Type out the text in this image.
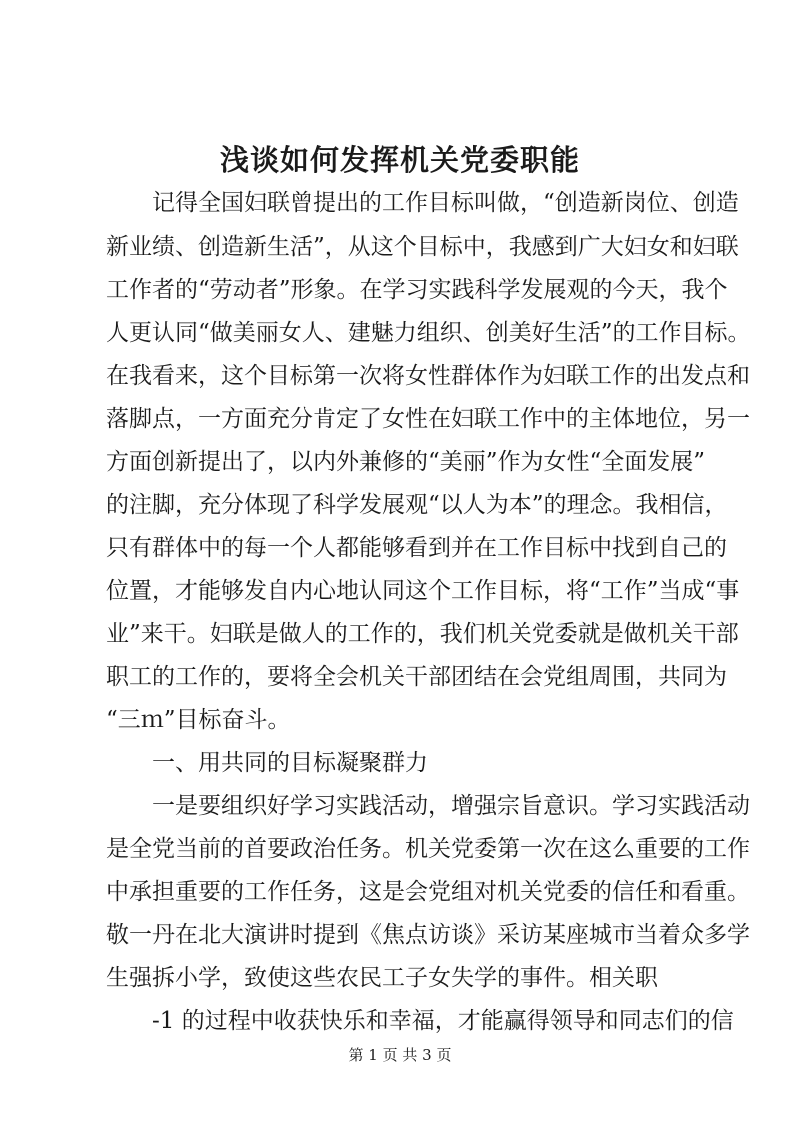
浅谈如何发挥机关党委职能
记得全国妇联曾提出的工作目标叫做，“创造新岗位、创造
新业绩、创造新生活”，从这个目标中，我感到广大妇女和妇联
工作者的“劳动者”形象。在学习实践科学发展观的今天，我个
人更认同“做美丽女人、建魅力组织、创美好生活”的工作目标。
在我看来，这个目标第一次将女性群体作为妇联工作的出发点和
落脚点，一方面充分肯定了女性在妇联工作中的主体地位，另一
方面创新提出了，以内外兼修的“美丽”作为女性“全面发展”
的注脚，充分体现了科学发展观“以人为本”的理念。我相信，
只有群体中的每一个人都能够看到并在工作目标中找到自己的
位置，才能够发自内心地认同这个工作目标，将“工作”当成“事
业”来干。妇联是做人的工作的，我们机关党委就是做机关干部
职工的工作的，要将全会机关干部团结在会党组周围，共同为
“三ｍ”目标奋斗。
一、用共同的目标凝聚群力
一是要组织好学习实践活动，增强宗旨意识。学习实践活动
是全党当前的首要政治任务。机关党委第一次在这么重要的工作
中承担重要的工作任务，这是会党组对机关党委的信任和看重。
敬一丹在北大演讲时提到《焦点访谈》采访某座城市当着众多学
生强拆小学，致使这些农民工子女失学的事件。相关职
-1 的过程中收获快乐和幸福，才能赢得领导和同志们的信
第 1 页 共 3 页
